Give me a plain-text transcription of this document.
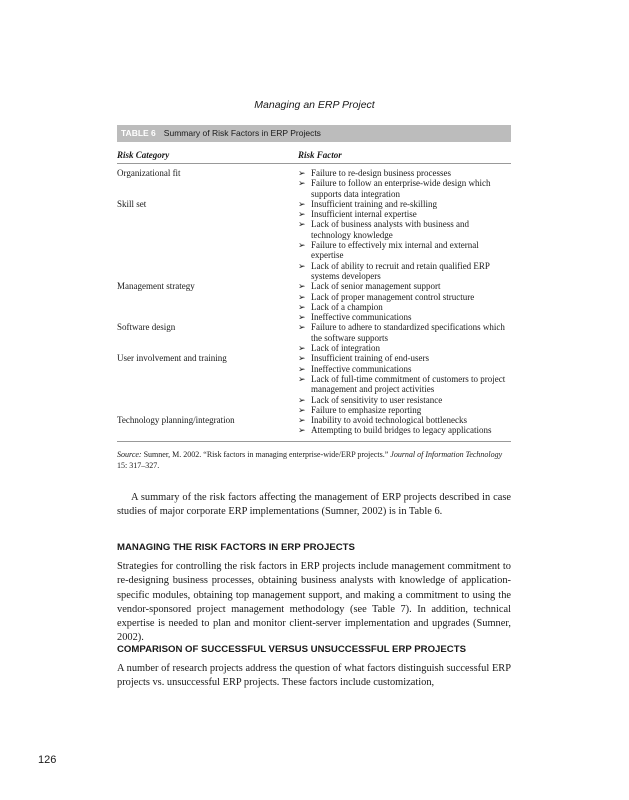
Managing an ERP Project
TABLE 6 Summary of Risk Factors in ERP Projects
Risk Category	Risk Factor
Organizational fit	➢ Failure to re-design business processes
➢ Failure to follow an enterprise-wide design which supports data integration
Skill set	➢ Insufficient training and re-skilling
➢ Insufficient internal expertise
➢ Lack of business analysts with business and technology knowledge
➢ Failure to effectively mix internal and external expertise
➢ Lack of ability to recruit and retain qualified ERP systems developers
Management strategy	➢ Lack of senior management support
➢ Lack of proper management control structure
➢ Lack of a champion
➢ Ineffective communications
Software design	➢ Failure to adhere to standardized specifications which the software supports
➢ Lack of integration
User involvement and training	➢ Insufficient training of end-users
➢ Ineffective communications
➢ Lack of full-time commitment of customers to project management and project activities
➢ Lack of sensitivity to user resistance
➢ Failure to emphasize reporting
Technology planning/integration	➢ Inability to avoid technological bottlenecks
➢ Attempting to build bridges to legacy applications
Source: Sumner, M. 2002. “Risk factors in managing enterprise-wide/ERP projects.” Journal of Information Technology 15: 317–327.
A summary of the risk factors affecting the management of ERP projects described in case studies of major corporate ERP implementations (Sumner, 2002) is in Table 6.
MANAGING THE RISK FACTORS IN ERP PROJECTS
Strategies for controlling the risk factors in ERP projects include management commitment to re-designing business processes, obtaining business analysts with knowledge of application-specific modules, obtaining top management support, and making a commitment to using the vendor-sponsored project management methodology (see Table 7). In addition, technical expertise is needed to plan and monitor client-server implementation and upgrades (Sumner, 2002).
COMPARISON OF SUCCESSFUL VERSUS UNSUCCESSFUL ERP PROJECTS
A number of research projects address the question of what factors distinguish successful ERP projects vs. unsuccessful ERP projects. These factors include customization,
126
